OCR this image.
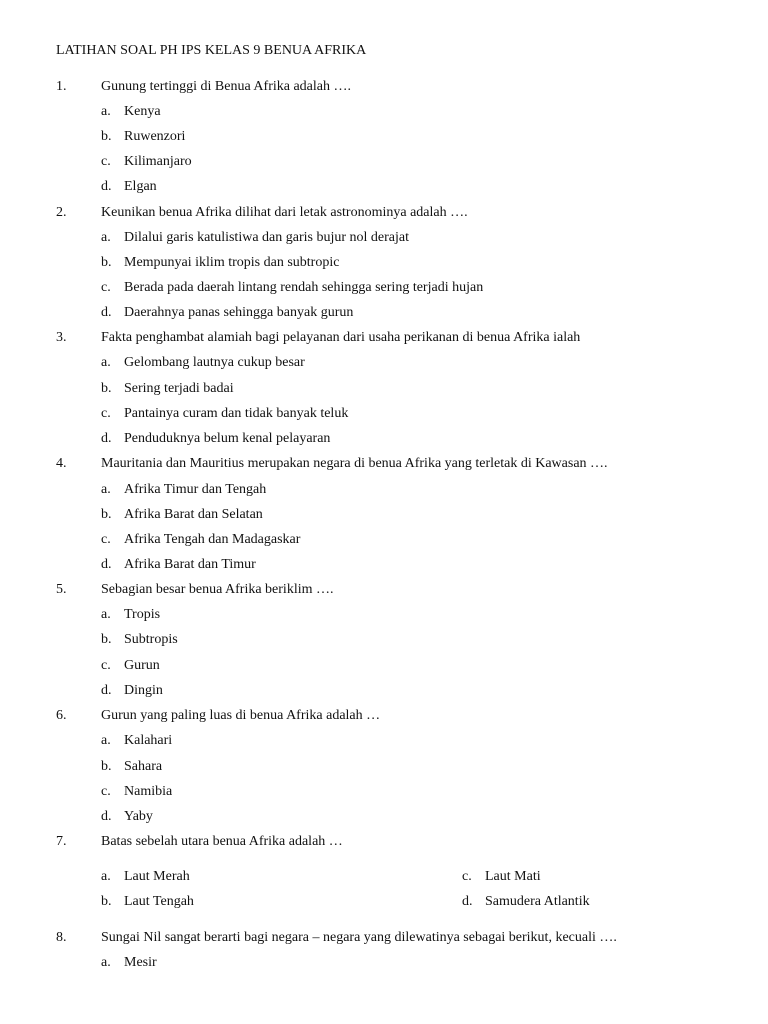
LATIHAN SOAL PH IPS KELAS 9 BENUA AFRIKA
1. Gunung tertinggi di Benua Afrika adalah ….
a. Kenya
b. Ruwenzori
c. Kilimanjaro
d. Elgan
2. Keunikan benua Afrika dilihat dari letak astronominya adalah ….
a. Dilalui garis katulistiwa dan garis bujur nol derajat
b. Mempunyai iklim tropis dan subtropic
c. Berada pada daerah lintang rendah sehingga sering terjadi hujan
d. Daerahnya panas sehingga banyak gurun
3. Fakta penghambat alamiah bagi pelayanan dari usaha perikanan di benua Afrika ialah
a. Gelombang lautnya cukup besar
b. Sering terjadi badai
c. Pantainya curam dan tidak banyak teluk
d. Penduduknya belum kenal pelayaran
4. Mauritania dan Mauritius merupakan negara di benua Afrika yang terletak di Kawasan ….
a. Afrika Timur dan Tengah
b. Afrika Barat dan Selatan
c. Afrika Tengah dan Madagaskar
d. Afrika Barat dan Timur
5. Sebagian besar benua Afrika beriklim ….
a. Tropis
b. Subtropis
c. Gurun
d. Dingin
6. Gurun yang paling luas di benua Afrika adalah …
a. Kalahari
b. Sahara
c. Namibia
d. Yaby
7. Batas sebelah utara benua Afrika adalah …
a. Laut Merah
b. Laut Tengah
c. Laut Mati
d. Samudera Atlantik
8. Sungai Nil sangat berarti bagi negara – negara yang dilewatinya sebagai berikut, kecuali ….
a. Mesir
